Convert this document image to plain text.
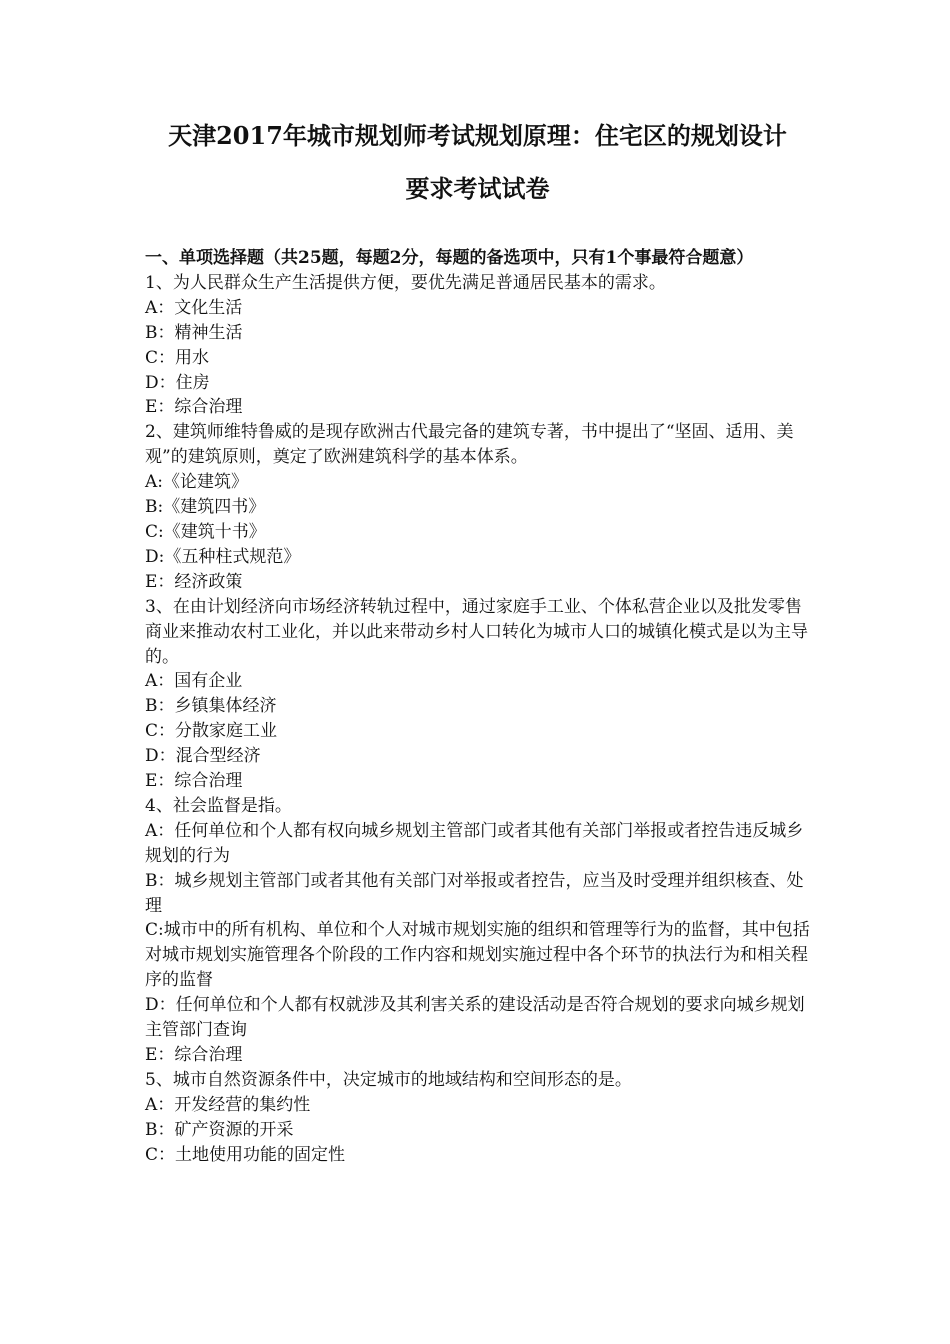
天津2017年城市规划师考试规划原理：住宅区的规划设计
要求考试试卷

一、单项选择题（共25题，每题2分，每题的备选项中，只有1个事最符合题意）

1、为人民群众生产生活提供方便，要优先满足普通居民基本的需求。

A：文化生活

B：精神生活

C：用水

D：住房

E：综合治理

2、建筑师维特鲁威的是现存欧洲古代最完备的建筑专著，书中提出了“坚固、适用、美观”的建筑原则，奠定了欧洲建筑科学的基本体系。

A:《论建筑》

B:《建筑四书》

C:《建筑十书》

D:《五种柱式规范》

E：经济政策

3、在由计划经济向市场经济转轨过程中，通过家庭手工业、个体私营企业以及批发零售商业来推动农村工业化，并以此来带动乡村人口转化为城市人口的城镇化模式是以为主导的。

A：国有企业

B：乡镇集体经济

C：分散家庭工业

D：混合型经济

E：综合治理

4、社会监督是指。

A：任何单位和个人都有权向城乡规划主管部门或者其他有关部门举报或者控告违反城乡规划的行为

B：城乡规划主管部门或者其他有关部门对举报或者控告，应当及时受理并组织核查、处理

C:城市中的所有机构、单位和个人对城市规划实施的组织和管理等行为的监督，其中包括对城市规划实施管理各个阶段的工作内容和规划实施过程中各个环节的执法行为和相关程序的监督

D：任何单位和个人都有权就涉及其利害关系的建设活动是否符合规划的要求向城乡规划主管部门查询

E：综合治理

5、城市自然资源条件中，决定城市的地域结构和空间形态的是。

A：开发经营的集约性

B：矿产资源的开采

C：土地使用功能的固定性
